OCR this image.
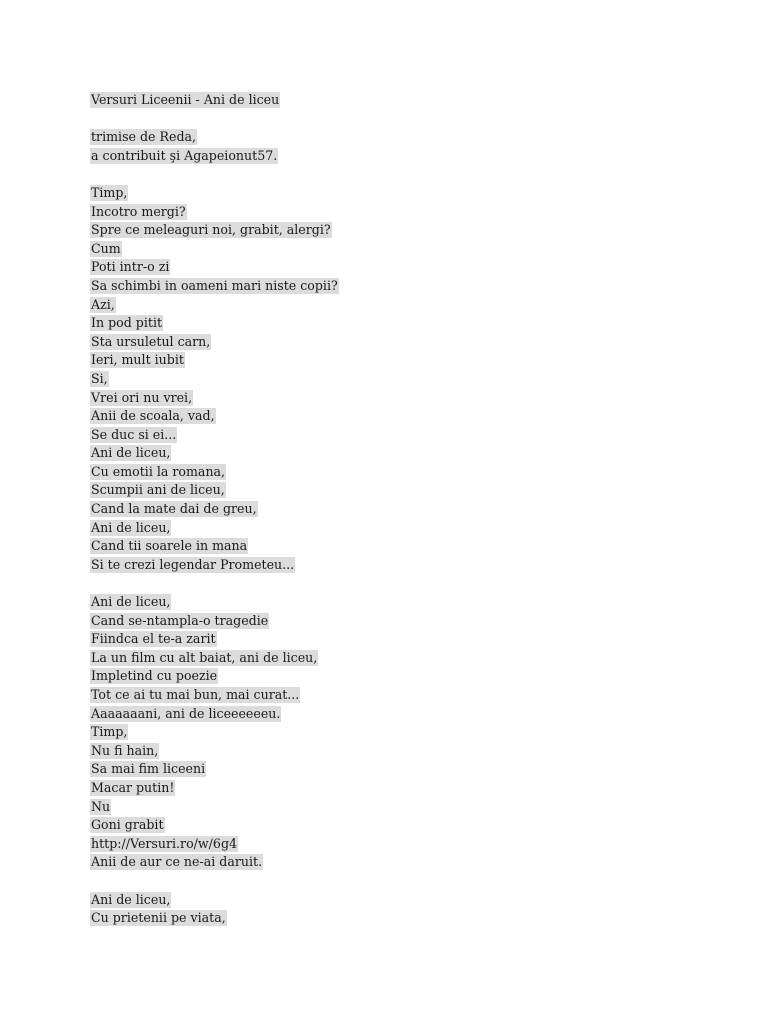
Versuri Liceenii - Ani de liceu
trimise de Reda,
a contribuit şi Agapeionut57.
Timp,
Incotro mergi?
Spre ce meleaguri noi, grabit, alergi?
Cum
Poti intr-o zi
Sa schimbi in oameni mari niste copii?
Azi,
In pod pitit
Sta ursuletul carn,
Ieri, mult iubit
Si,
Vrei ori nu vrei,
Anii de scoala, vad,
Se duc si ei...
Ani de liceu,
Cu emotii la romana,
Scumpii ani de liceu,
Cand la mate dai de greu,
Ani de liceu,
Cand tii soarele in mana
Si te crezi legendar Prometeu...
Ani de liceu,
Cand se-ntampla-o tragedie
Fiindca el te-a zarit
La un film cu alt baiat, ani de liceu,
Impletind cu poezie
Tot ce ai tu mai bun, mai curat...
Aaaaaaani, ani de liceeeeeeu.
Timp,
Nu fi hain,
Sa mai fim liceeni
Macar putin!
Nu
Goni grabit
http://Versuri.ro/w/6g4
Anii de aur ce ne-ai daruit.
Ani de liceu,
Cu prietenii pe viata,
